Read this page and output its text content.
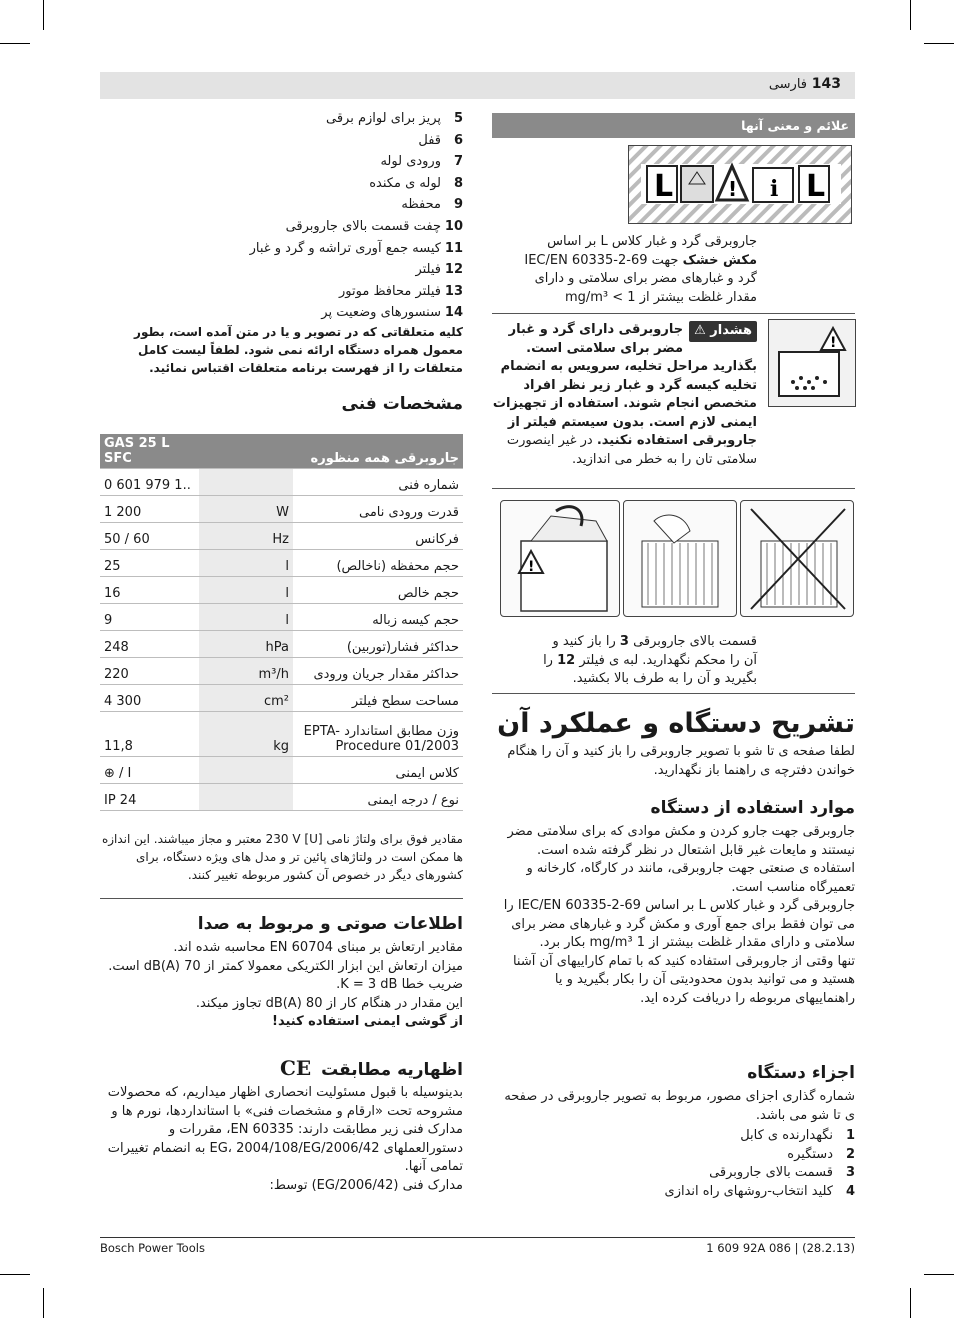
143
فارسی
علائم و معنی آنها
L	! i L
جاروبرقی گرد و غبار کلاس L بر اساس
مکش خشک جهت IEC/EN 60335-2-69
گرد و غبارهای مضر برای سلامتی و دارای
مقدار غلظت بیشتر از 1 > mg/m³
!
هشدار ⚠
جاروبرقی دارای گرد و غبار مضر برای سلامتی است. بگذارید مراحل تخلیه، سرویس به انضمام تخلیه کیسه گرد و غبار زیر نظر افراد متخصص انجام شوند. استفاده از تجهیزات ایمنی لازم است. بدون سیستم فیلتر از جاروبرقی استفاده نکنید. در غیر اینصورت سلامتی تان را به خطر می اندازید.
!
قسمت بالای جاروبرقی 3 را باز کنید و
آن را محکم نگهدارید. لبه ی فیلتر 12 را
بگیرید و آن را به طرف بالا بکشید.
تشریح دستگاه و عملکرد آن
لطفا صفحه ی تا شو با تصویر جاروبرقی را باز کنید و آن را هنگام خواندن دفترچه ی راهنما باز نگهدارید.
موارد استفاده از دستگاه
جاروبرقی جهت جارو کردن و مکش موادی که برای سلامتی مضر نیستند و مایعات غیر قابل اشتعال در نظر گرفته شده است. استفاده ی صنعتی جهت جاروبرقی، مانند در کارگاه، کارخانه و تعمیرگاه مناسب است.
جاروبرقی گرد و غبار کلاس L بر اساس IEC/EN 60335-2-69 را می توان فقط برای جمع آوری و مکش گرد و غبارهای مضر برای سلامتی و دارای مقدار غلظت بیشتر از 1 mg/m³ بکار برد.
تنها وقتی از جاروبرقی استفاده کنید که با تمام کاراییهای آن آشنا هستید و می توانید بدون محدودیتی آن را بکار بگیرید و یا راهنماییهای مربوطه را دریافت کرده اید.
اجزاء دستگاه
شماره گذاری اجزای مصور، مربوط به تصویر جاروبرقی در صفحه ی تا شو می باشد.
1
نگهدارنده ی کابل
2
دستگیره
3
قسمت بالای جاروبرقی
4
کلید انتخاب-روشهای راه اندازی
5
پریز برای لوازم برقی
6
قفل
7
ورودی لوله
8
لوله ی مکنده
9
محفظه
10
چفت قسمت بالای جاروبرقی
11
کیسه جمع آوری تراشه و گرد و غبار
12
فیلتر
13
فیلتر محافظ موتور
14
سنسورهای وضعیت پر
کلیه متعلقاتی که در تصویر و یا در متن آمده است، بطور معمول همراه دستگاه ارائه نمی شود. لطفاً لیست کامل متعلقات را از فهرست برنامه متعلقات اقتباس نمائید.
مشخصات فنی
GAS 25 L SFC		جاروبرقی همه منظوره
0 601 979 1..		شماره فنی
1 200	W	قدرت ورودی نامی
50 / 60	Hz	فرکانس
25	l	حجم محفظه (ناخالص)
16	l	حجم خالص
9	l	حجم کیسه زباله
248	hPa	حداکثر فشار(توربین)
220	m³/h	حداکثر مقدار جریان ورودی
4 300	cm²	مساحت سطح فیلتر
11,8	kg	وزن مطابق استاندارد EPTA-Procedure 01/2003
⊕ / I		کلاس ایمنی
IP 24		نوع / درجه ایمنی
مقادیر فوق برای ولتاژ نامی [U] 230 V معتبر و مجاز میباشند. این اندازه ها ممکن است در ولتاژهای پائین تر و مدل های ویژه دستگاه، برای کشورهای دیگر در خصوص آن کشور مربوطه تغییر کنند.
اطلاعات صوتی و مربوط به صدا
مقادیر ارتعاش بر مبنای EN 60704 محاسبه شده اند.
میزان ارتعاش این ابزار الکتریکی معمولا کمتر از 70 dB(A) است. ضریب خطا K = 3 dB.
این مقدار در هنگام کار از 80 dB(A) تجاوز میکند.
از گوشی ایمنی استفاده کنید!
اظهاریه مطابقت CE
بدینوسیله با قبول مسئولیت انحصاری اظهار میداریم، که محصولات مشروحه تحت «ارقام و مشخصات فنی» با استانداردها، نورم ها و مدارک فنی زیر مطابقت دارند: EN 60335، مقررات و دستورالعملهای 2006/42/EG، 2004/108/EG به انضمام تغییرات تمامی آنها.
مدارک فنی (2006/42/EG) توسط:
Bosch Power Tools	1 609 92A 086 | (28.2.13)
